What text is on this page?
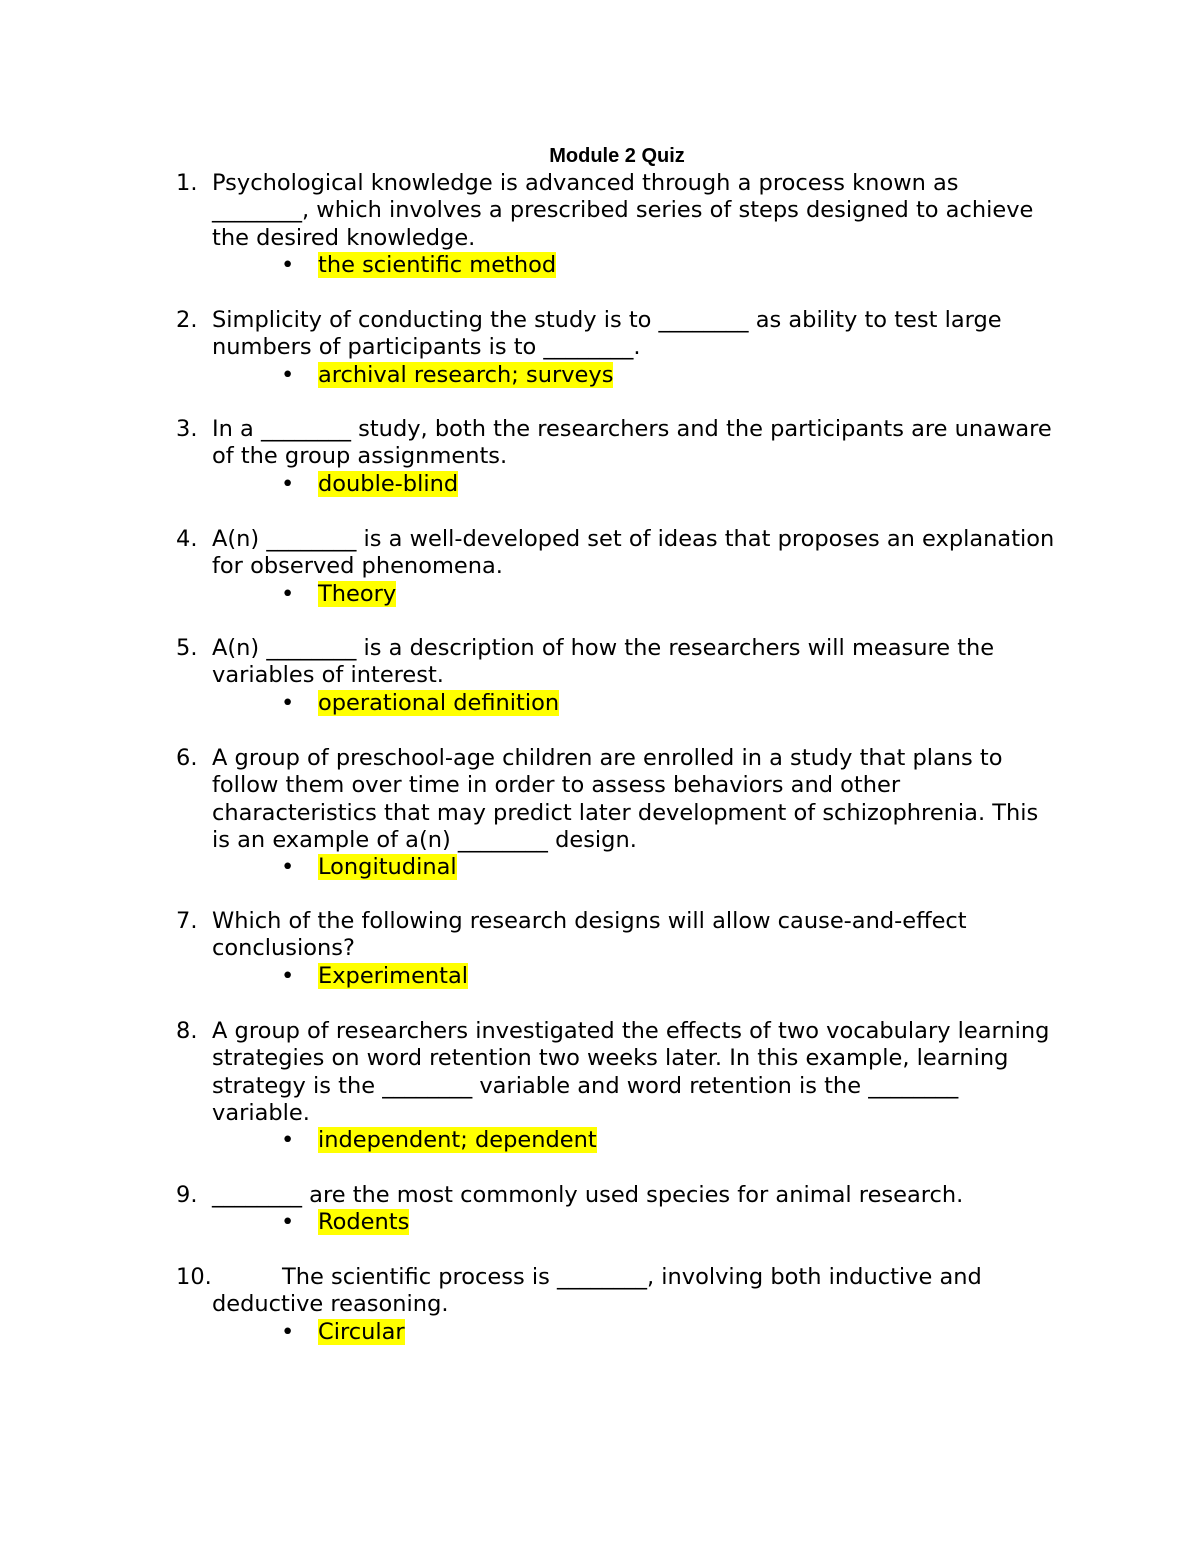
Module 2 Quiz
1. Psychological knowledge is advanced through a process known as ________, which involves a prescribed series of steps designed to achieve the desired knowledge.
• the scientific method
2. Simplicity of conducting the study is to ________ as ability to test large numbers of participants is to ________.
• archival research; surveys
3. In a ________ study, both the researchers and the participants are unaware of the group assignments.
• double-blind
4. A(n) ________ is a well-developed set of ideas that proposes an explanation for observed phenomena.
• Theory
5. A(n) ________ is a description of how the researchers will measure the variables of interest.
• operational definition
6. A group of preschool-age children are enrolled in a study that plans to follow them over time in order to assess behaviors and other characteristics that may predict later development of schizophrenia. This is an example of a(n) ________ design.
• Longitudinal
7. Which of the following research designs will allow cause-and-effect conclusions?
• Experimental
8. A group of researchers investigated the effects of two vocabulary learning strategies on word retention two weeks later. In this example, learning strategy is the ________ variable and word retention is the ________ variable.
• independent; dependent
9. ________ are the most commonly used species for animal research.
• Rodents
10.	The scientific process is ________, involving both inductive and deductive reasoning.
• Circular
